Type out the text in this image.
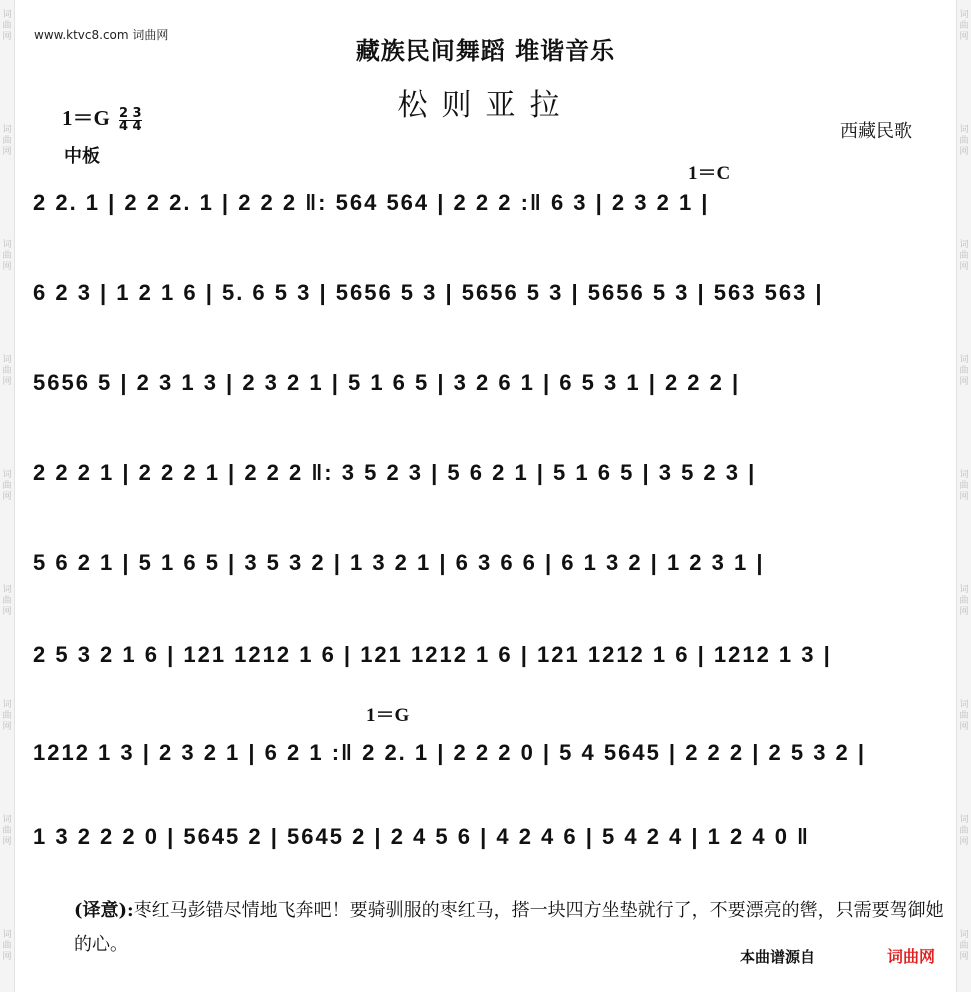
词
曲
网
词
曲
网
词
曲
网
词
曲
网
词
曲
网
词
曲
网
词
曲
网
词
曲
网
词
曲
网
词
曲
网
词
曲
网
词
曲
网
词
曲
网
词
曲
网
词
曲
网
词
曲
网
词
曲
网
词
曲
网
www.ktvc8.com 词曲网
藏族民间舞蹈 堆谐音乐
松则亚拉
$1=G \frac{2 3}{4 4}$
中板
西藏民歌
1＝C
1＝G
2 2. 1 | 2 2 2. 1 | 2 2 2 ‖: 564 564 | 2 2 2 :‖ 6 3 | 2 3 2 1 |
6 2 3 | 1 2 1 6 | 5. 6 5 3 | 5656 5 3 | 5656 5 3 | 5656 5 3 | 563 563 |
5656 5 | 2 3 1 3 | 2 3 2 1 | 5 1 6 5 | 3 2 6 1 | 6 5 3 1 | 2 2 2 |
2 2 2 1 | 2 2 2 1 | 2 2 2 ‖: 3 5 2 3 | 5 6 2 1 | 5 1 6 5 | 3 5 2 3 |
5 6 2 1 | 5 1 6 5 | 3 5 3 2 | 1 3 2 1 | 6 3 6 6 | 6 1 3 2 | 1 2 3 1 |
2 5 3 2 1 6 | 121 1212 1 6 | 121 1212 1 6 | 121 1212 1 6 | 1212 1 3 |
1212 1 3 | 2 3 2 1 | 6 2 1 :‖ 2 2. 1 | 2 2 2 0 | 5 4 5645 | 2 2 2 | 2 5 3 2 |
1 3 2 2 2 0 | 5645 2 | 5645 2 | 2 4 5 6 | 4 2 4 6 | 5 4 2 4 | 1 2 4 0 ‖
(译意):枣红马彭错尽情地飞奔吧！要骑驯服的枣红马，搭一块四方坐垫就行了，不要漂亮的辔，只需要驾御她的心。
本曲谱源自	词曲网
